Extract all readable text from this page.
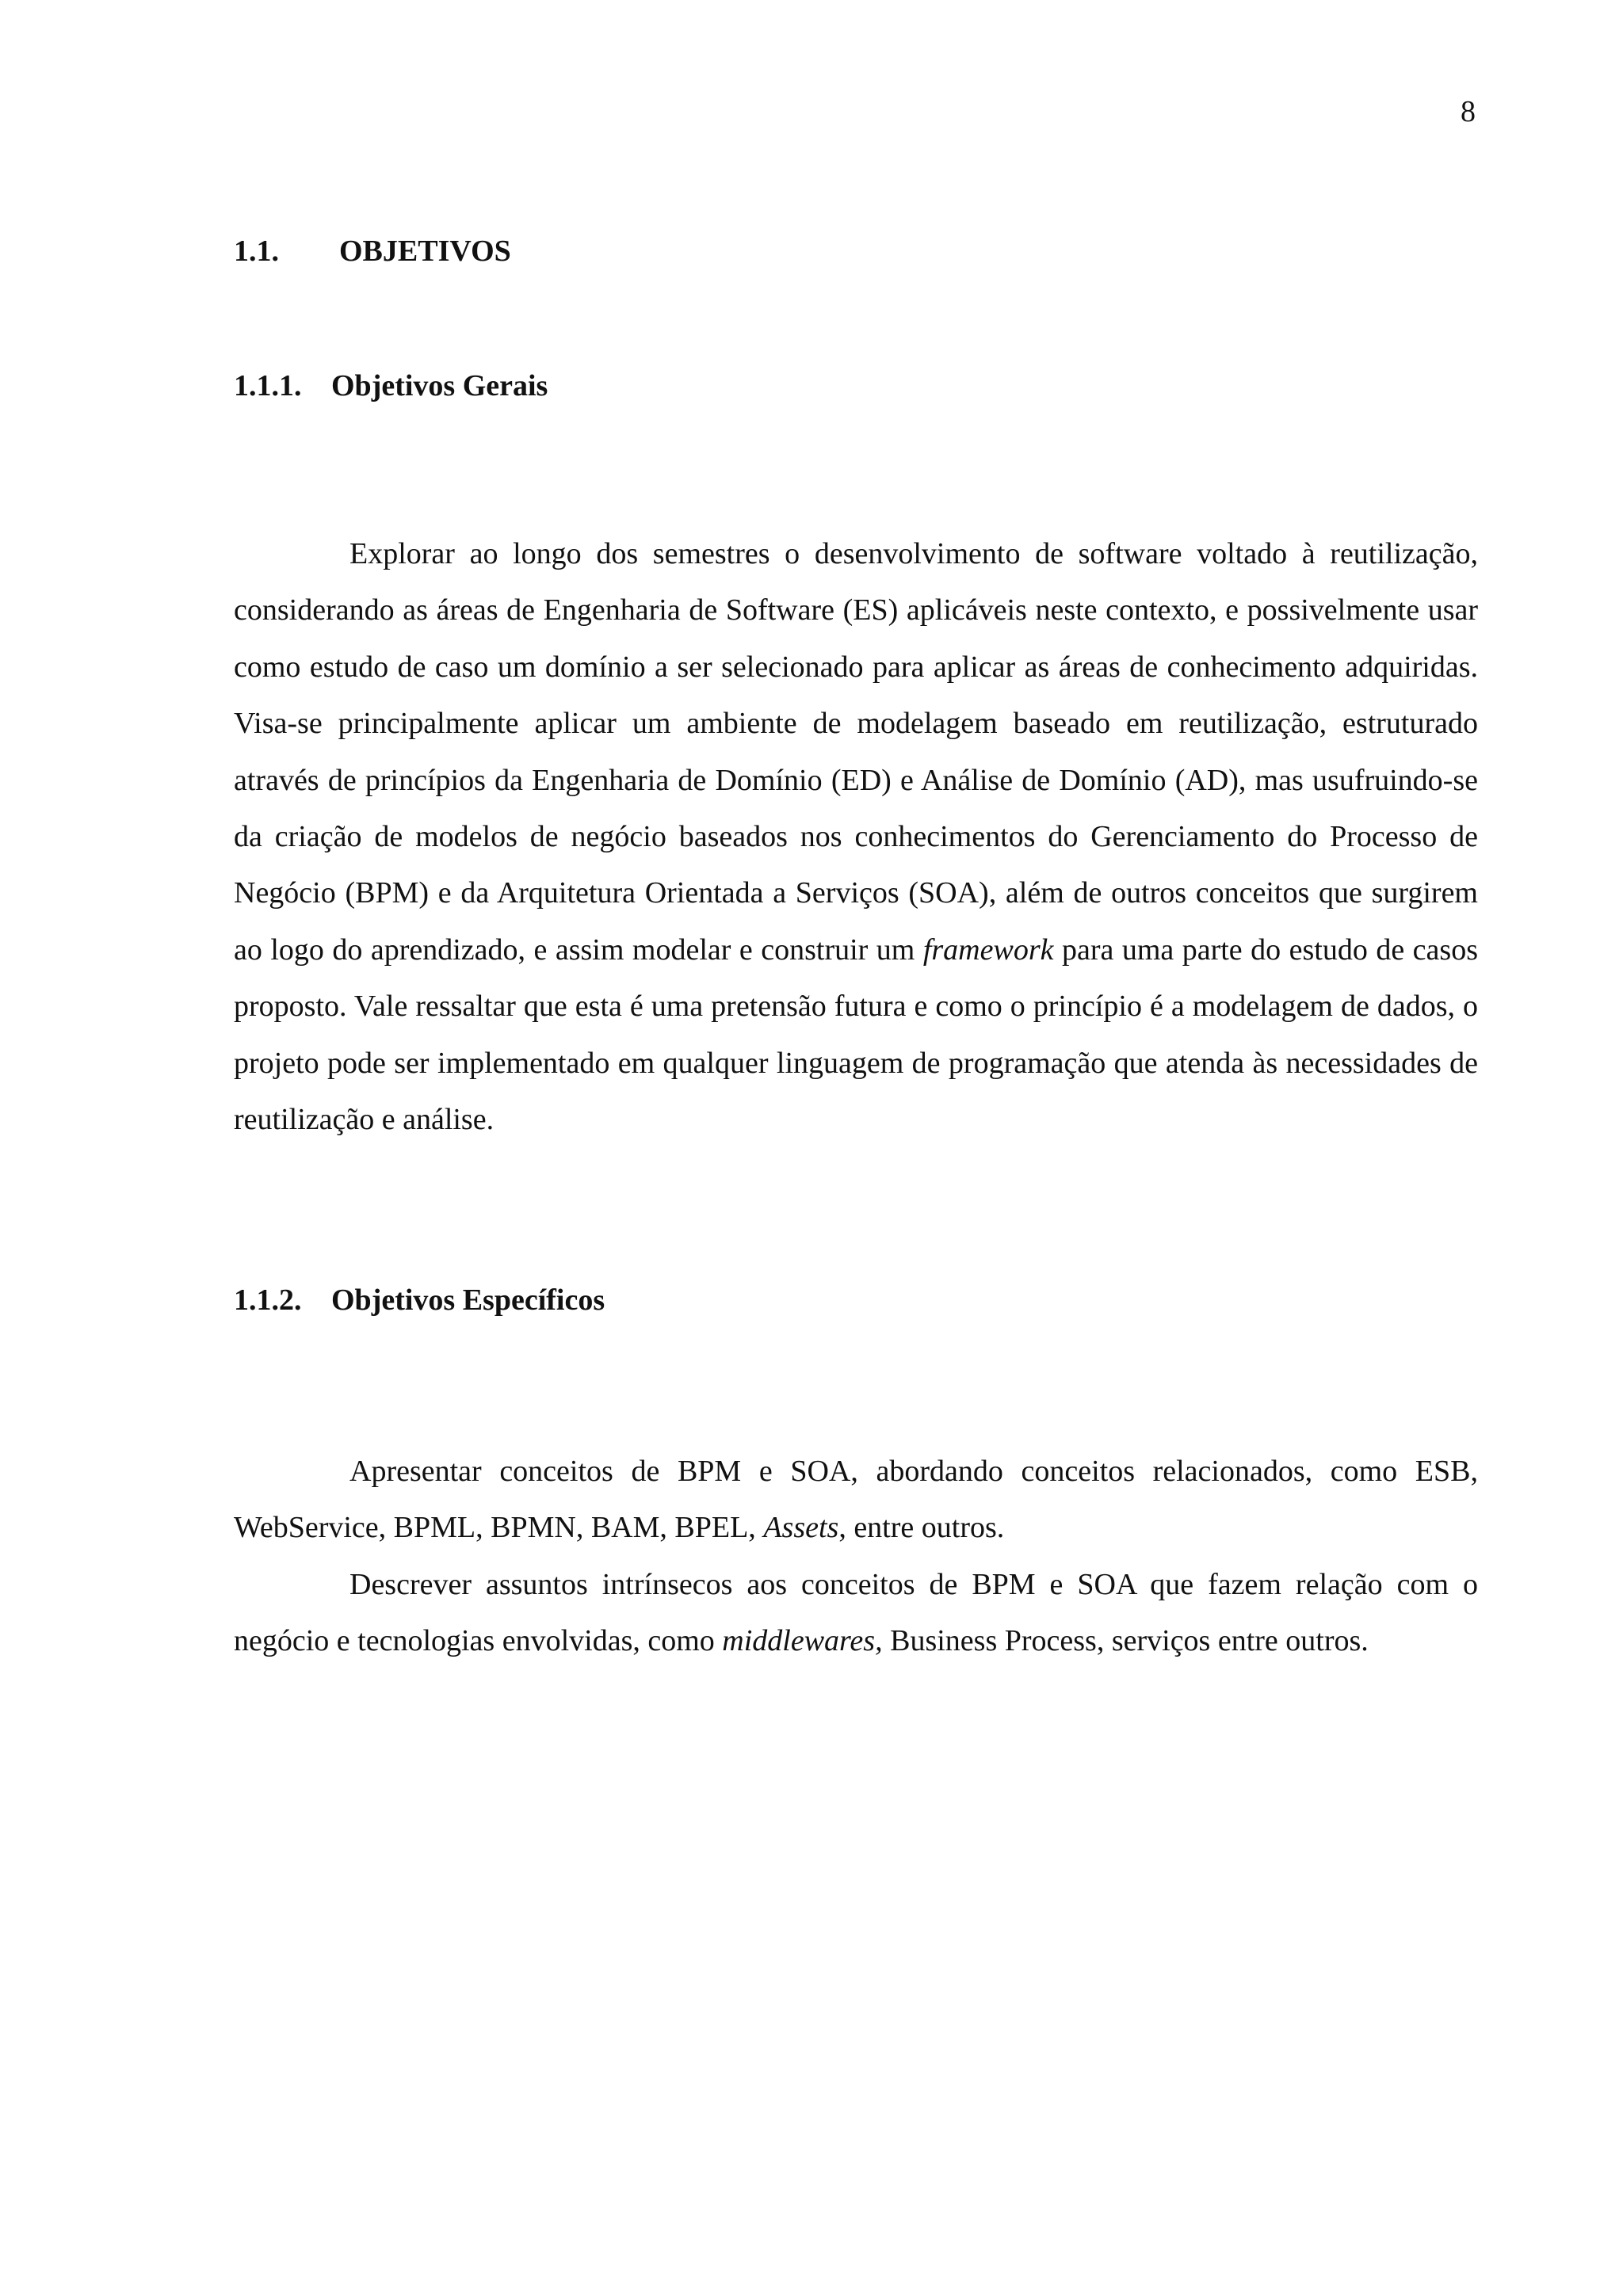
8
1.1. OBJETIVOS
1.1.1. Objetivos Gerais

Explorar ao longo dos semestres o desenvolvimento de software voltado à reutilização, considerando as áreas de Engenharia de Software (ES) aplicáveis neste contexto, e possivelmente usar como estudo de caso um domínio a ser selecionado para aplicar as áreas de conhecimento adquiridas. Visa-se principalmente aplicar um ambiente de modelagem baseado em reutilização, estruturado através de princípios da Engenharia de Domínio (ED) e Análise de Domínio (AD), mas usufruindo-se da criação de modelos de negócio baseados nos conhecimentos do Gerenciamento do Processo de Negócio (BPM) e da Arquitetura Orientada a Serviços (SOA), além de outros conceitos que surgirem ao logo do aprendizado, e assim modelar e construir um framework para uma parte do estudo de casos proposto. Vale ressaltar que esta é uma pretensão futura e como o princípio é a modelagem de dados, o projeto pode ser implementado em qualquer linguagem de programação que atenda às necessidades de reutilização e análise.

1.1.2. Objetivos Específicos

Apresentar conceitos de BPM e SOA, abordando conceitos relacionados, como ESB, WebService, BPML, BPMN, BAM, BPEL, Assets, entre outros.

Descrever assuntos intrínsecos aos conceitos de BPM e SOA que fazem relação com o negócio e tecnologias envolvidas, como middlewares, Business Process, serviços entre outros.
